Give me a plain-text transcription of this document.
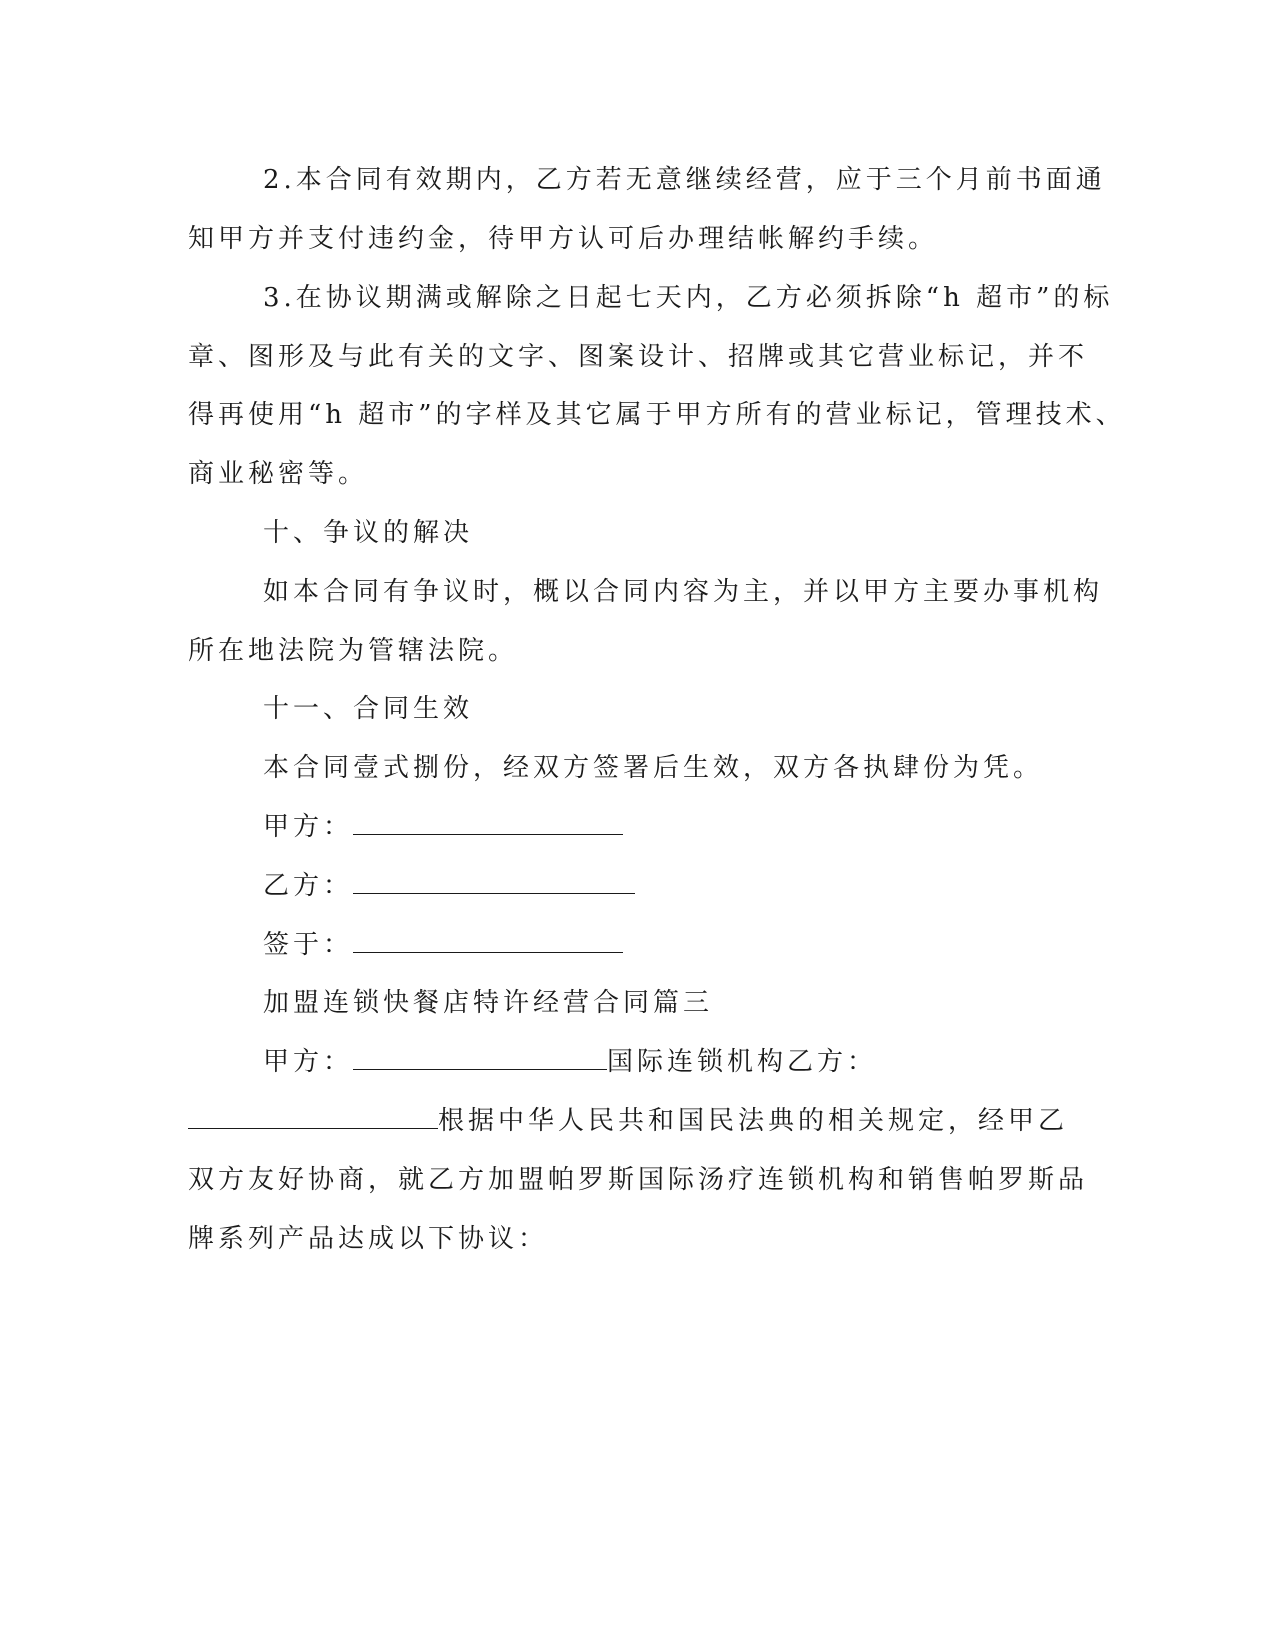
2.本合同有效期内，乙方若无意继续经营，应于三个月前书面通
知甲方并支付违约金，待甲方认可后办理结帐解约手续。
3.在协议期满或解除之日起七天内，乙方必须拆除“h 超市”的标
章、图形及与此有关的文字、图案设计、招牌或其它营业标记，并不
得再使用“h 超市”的字样及其它属于甲方所有的营业标记，管理技术、
商业秘密等。
十、争议的解决
如本合同有争议时，概以合同内容为主，并以甲方主要办事机构
所在地法院为管辖法院。
十一、合同生效
本合同壹式捌份，经双方签署后生效，双方各执肆份为凭。
甲方：
乙方：
签于：
加盟连锁快餐店特许经营合同篇三
甲方：	国际连锁机构乙方：
根据中华人民共和国民法典的相关规定，经甲乙
双方友好协商，就乙方加盟帕罗斯国际汤疗连锁机构和销售帕罗斯品
牌系列产品达成以下协议：
